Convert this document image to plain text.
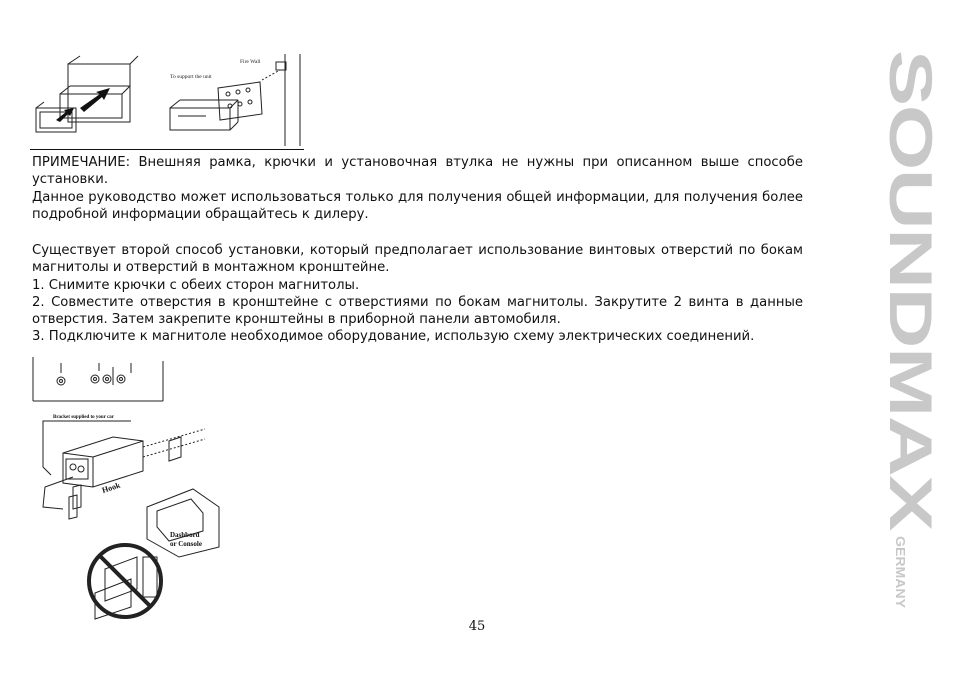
To support the unit
Fire Wall
ПРИМЕЧАНИЕ: Внешняя рамка, крючки и установочная втулка не нужны при описанном выше способе установки.
Данное руководство может использоваться только для получения общей информации, для получения более подробной информации обращайтесь к дилеру.
Существует второй способ установки, который предполагает использование винтовых отверстий по бокам магнитолы и отверстий в монтажном кронштейне.
1. Снимите крючки с обеих сторон магнитолы.
2. Совместите отверстия в кронштейне с отверстиями по бокам магнитолы. Закрутите 2 винта в данные отверстия. Затем закрепите кронштейны в приборной панели автомобиля.
3. Подключите к магнитоле необходимое оборудование, использую схему электрических соединений.
Bracket supplied to your car
Hook
Dashbord
or Console
45
SOUNDMAX
GERMANY
